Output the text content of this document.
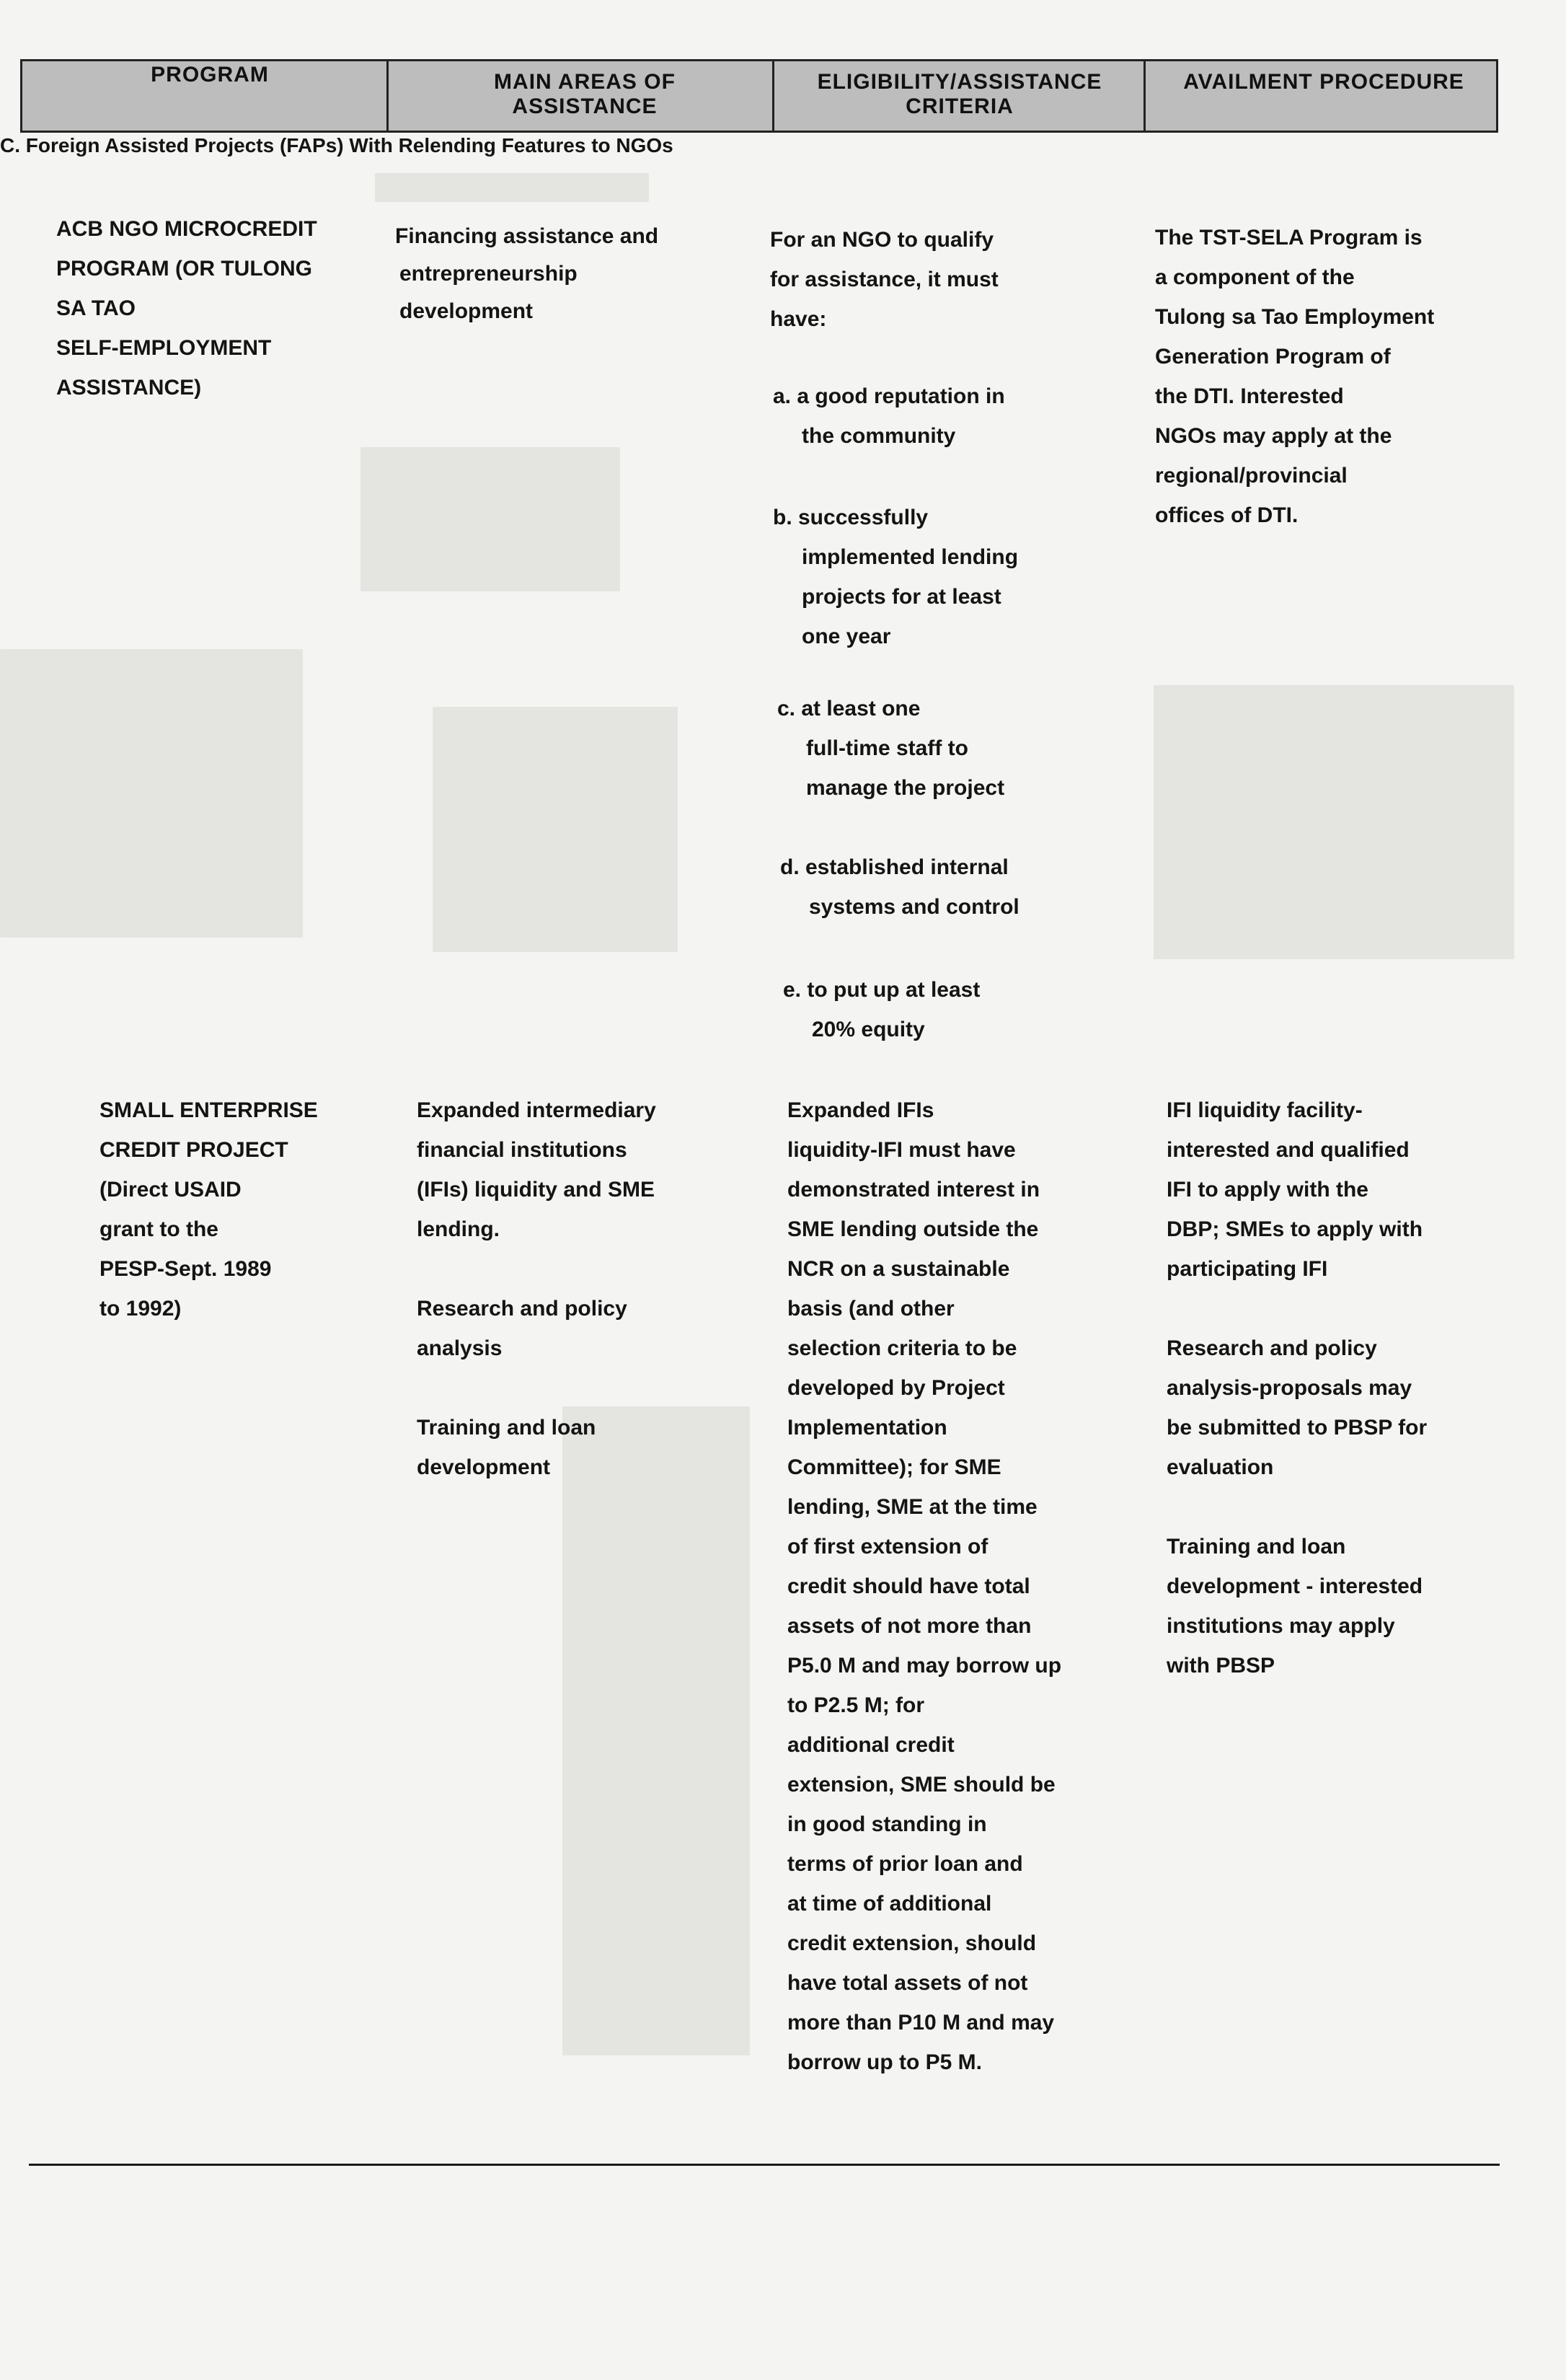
PROGRAM	MAIN AREAS OF
ASSISTANCE
ELIGIBILITY/ASSISTANCE
CRITERIA
AVAILMENT PROCEDURE
C. Foreign Assisted Projects (FAPs) With Relending Features to NGOs
ACB NGO MICROCREDIT
PROGRAM (OR TULONG
SA TAO
SELF-EMPLOYMENT
ASSISTANCE)
Financing assistance and
entrepreneurship
development
For an NGO to qualify
for assistance, it must
have:
a. a good reputation in
the community
b. successfully
implemented lending
projects for at least
one year
c. at least one
full-time staff to
manage the project
d. established internal
systems and control
e. to put up at least
20% equity
The TST-SELA Program is
a component of the
Tulong sa Tao Employment
Generation Program of
the DTI. Interested
NGOs may apply at the
regional/provincial
offices of DTI.
SMALL ENTERPRISE
CREDIT PROJECT
(Direct USAID
grant to the
PESP-Sept. 1989
to 1992)
Expanded intermediary
financial institutions
(IFIs) liquidity and SME
lending.
Research and policy
analysis
Training and loan
development
Expanded IFIs
liquidity-IFI must have
demonstrated interest in
SME lending outside the
NCR on a sustainable
basis (and other
selection criteria to be
developed by Project
Implementation
Committee); for SME
lending, SME at the time
of first extension of
credit should have total
assets of not more than
P5.0 M and may borrow up
to P2.5 M; for
additional credit
extension, SME should be
in good standing in
terms of prior loan and
at time of additional
credit extension, should
have total assets of not
more than P10 M and may
borrow up to P5 M.
IFI liquidity facility-
interested and qualified
IFI to apply with the
DBP; SMEs to apply with
participating IFI
Research and policy
analysis-proposals may
be submitted to PBSP for
evaluation
Training and loan
development - interested
institutions may apply
with PBSP
